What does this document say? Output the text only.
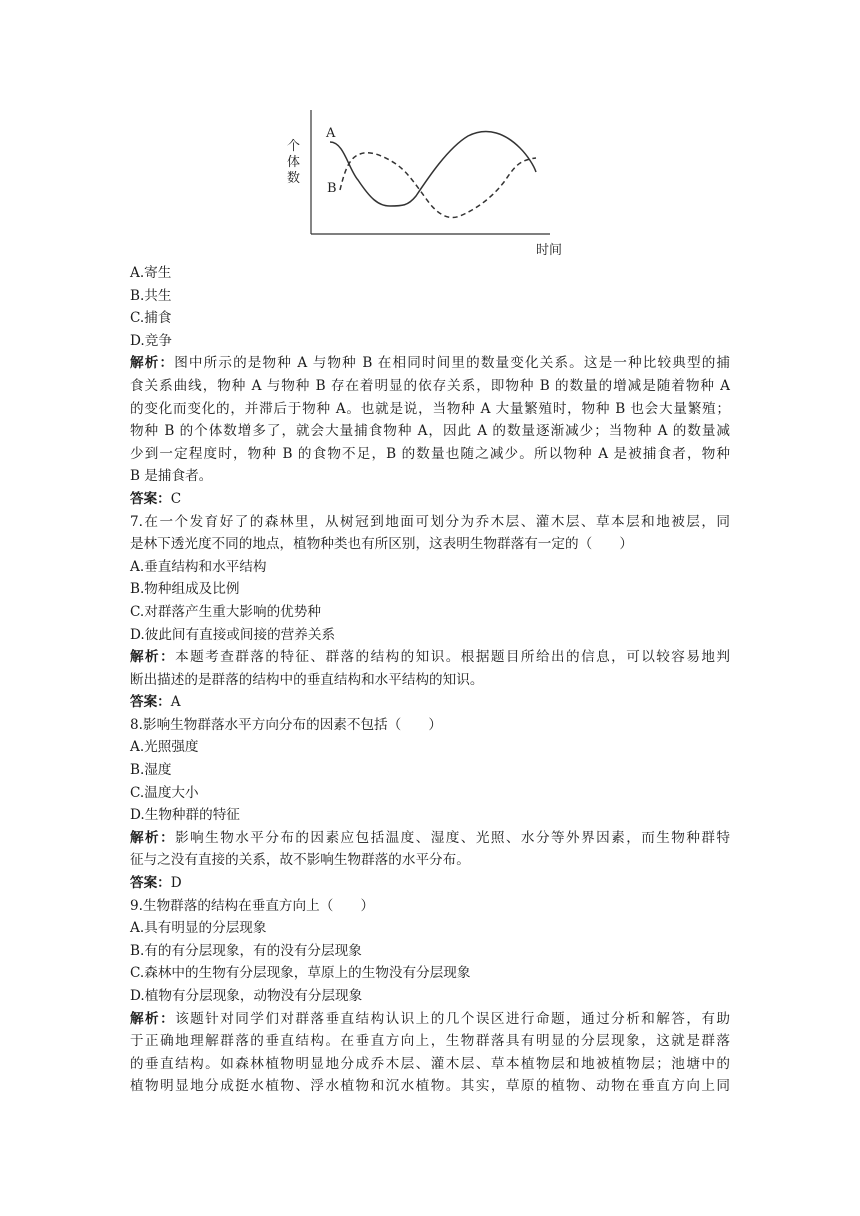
A
B
个
体
数
时间
A.寄生
B.共生
C.捕食
D.竞争
解析：图中所示的是物种 A 与物种 B 在相同时间里的数量变化关系。这是一种比较典型的捕
食关系曲线，物种 A 与物种 B 存在着明显的依存关系，即物种 B 的数量的增减是随着物种 A
的变化而变化的，并滞后于物种 A。也就是说，当物种 A 大量繁殖时，物种 B 也会大量繁殖；
物种 B 的个体数增多了，就会大量捕食物种 A，因此 A 的数量逐渐减少；当物种 A 的数量减
少到一定程度时，物种 B 的食物不足，B 的数量也随之减少。所以物种 A 是被捕食者，物种
B 是捕食者。
答案：C
7.在一个发育好了的森林里，从树冠到地面可划分为乔木层、灌木层、草本层和地被层，同
是林下透光度不同的地点，植物种类也有所区别，这表明生物群落有一定的（　　）
A.垂直结构和水平结构
B.物种组成及比例
C.对群落产生重大影响的优势种
D.彼此间有直接或间接的营养关系
解析：本题考查群落的特征、群落的结构的知识。根据题目所给出的信息，可以较容易地判
断出描述的是群落的结构中的垂直结构和水平结构的知识。
答案：A
8.影响生物群落水平方向分布的因素不包括（　　）
A.光照强度
B.湿度
C.温度大小
D.生物种群的特征
解析：影响生物水平分布的因素应包括温度、湿度、光照、水分等外界因素，而生物种群特
征与之没有直接的关系，故不影响生物群落的水平分布。
答案：D
9.生物群落的结构在垂直方向上（　　）
A.具有明显的分层现象
B.有的有分层现象，有的没有分层现象
C.森林中的生物有分层现象，草原上的生物没有分层现象
D.植物有分层现象，动物没有分层现象
解析：该题针对同学们对群落垂直结构认识上的几个误区进行命题，通过分析和解答，有助
于正确地理解群落的垂直结构。在垂直方向上，生物群落具有明显的分层现象，这就是群落
的垂直结构。如森林植物明显地分成乔木层、灌木层、草本植物层和地被植物层；池塘中的
植物明显地分成挺水植物、浮水植物和沉水植物。其实，草原的植物、动物在垂直方向上同
